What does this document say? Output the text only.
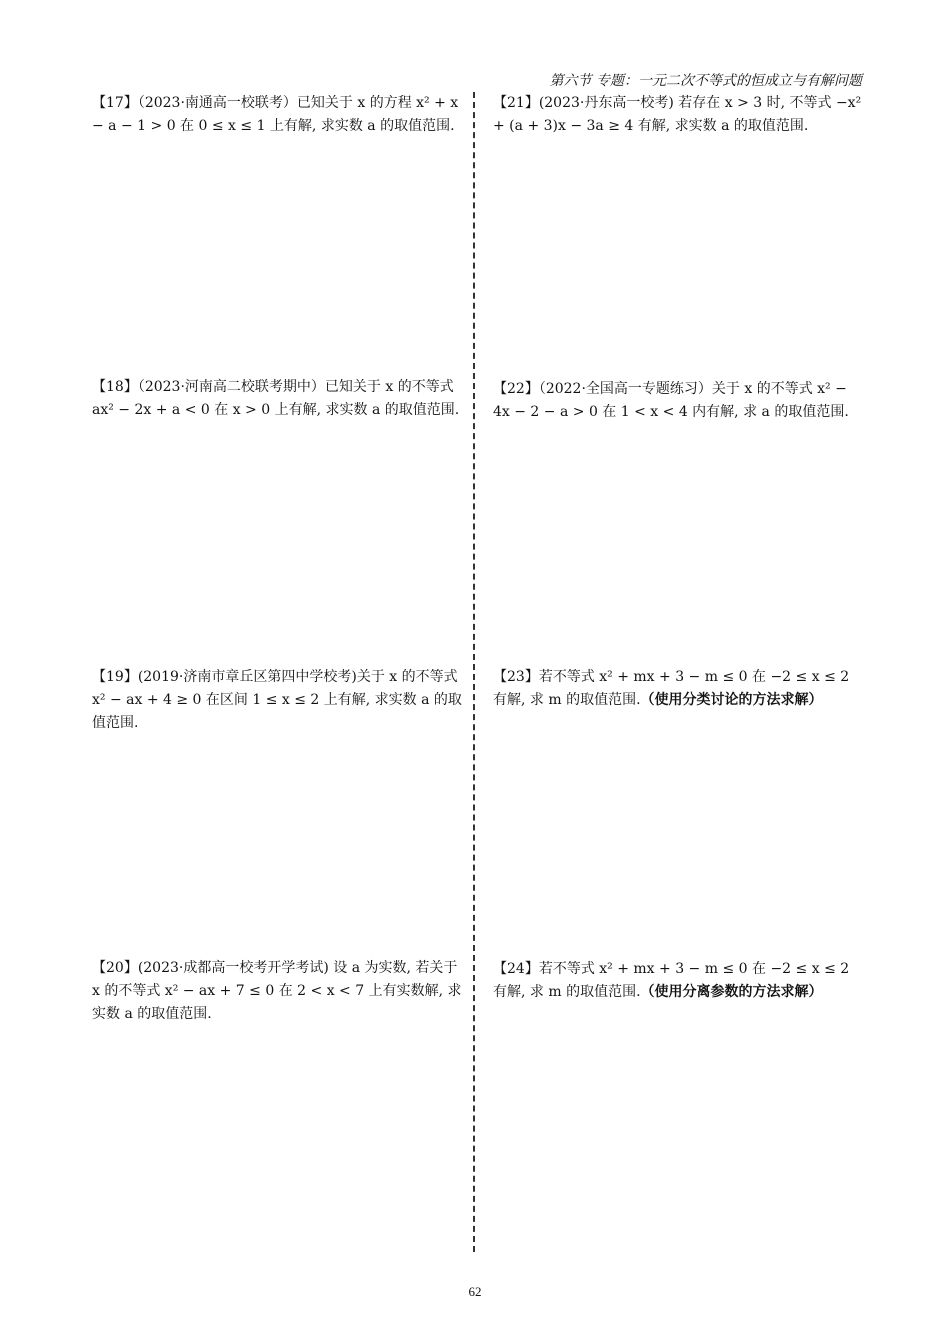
第六节 专题：一元二次不等式的恒成立与有解问题
【17】（2023·南通高一校联考）已知关于 x 的方程 x² + x − a − 1 > 0 在 0 ≤ x ≤ 1 上有解, 求实数 a 的取值范围.
【18】（2023·河南高二校联考期中）已知关于 x 的不等式 ax² − 2x + a < 0 在 x > 0 上有解, 求实数 a 的取值范围.
【19】(2019·济南市章丘区第四中学校考)关于 x 的不等式 x² − ax + 4 ≥ 0 在区间 1 ≤ x ≤ 2 上有解, 求实数 a 的取值范围.
【20】(2023·成都高一校考开学考试) 设 a 为实数, 若关于 x 的不等式 x² − ax + 7 ≤ 0 在 2 < x < 7 上有实数解, 求实数 a 的取值范围.
【21】(2023·丹东高一校考) 若存在 x > 3 时, 不等式 −x² + (a + 3)x − 3a ≥ 4 有解, 求实数 a 的取值范围.
【22】（2022·全国高一专题练习）关于 x 的不等式 x² − 4x − 2 − a > 0 在 1 < x < 4 内有解, 求 a 的取值范围.
【23】若不等式 x² + mx + 3 − m ≤ 0 在 −2 ≤ x ≤ 2 有解, 求 m 的取值范围.（使用分类讨论的方法求解）
【24】若不等式 x² + mx + 3 − m ≤ 0 在 −2 ≤ x ≤ 2 有解, 求 m 的取值范围.（使用分离参数的方法求解）
62
